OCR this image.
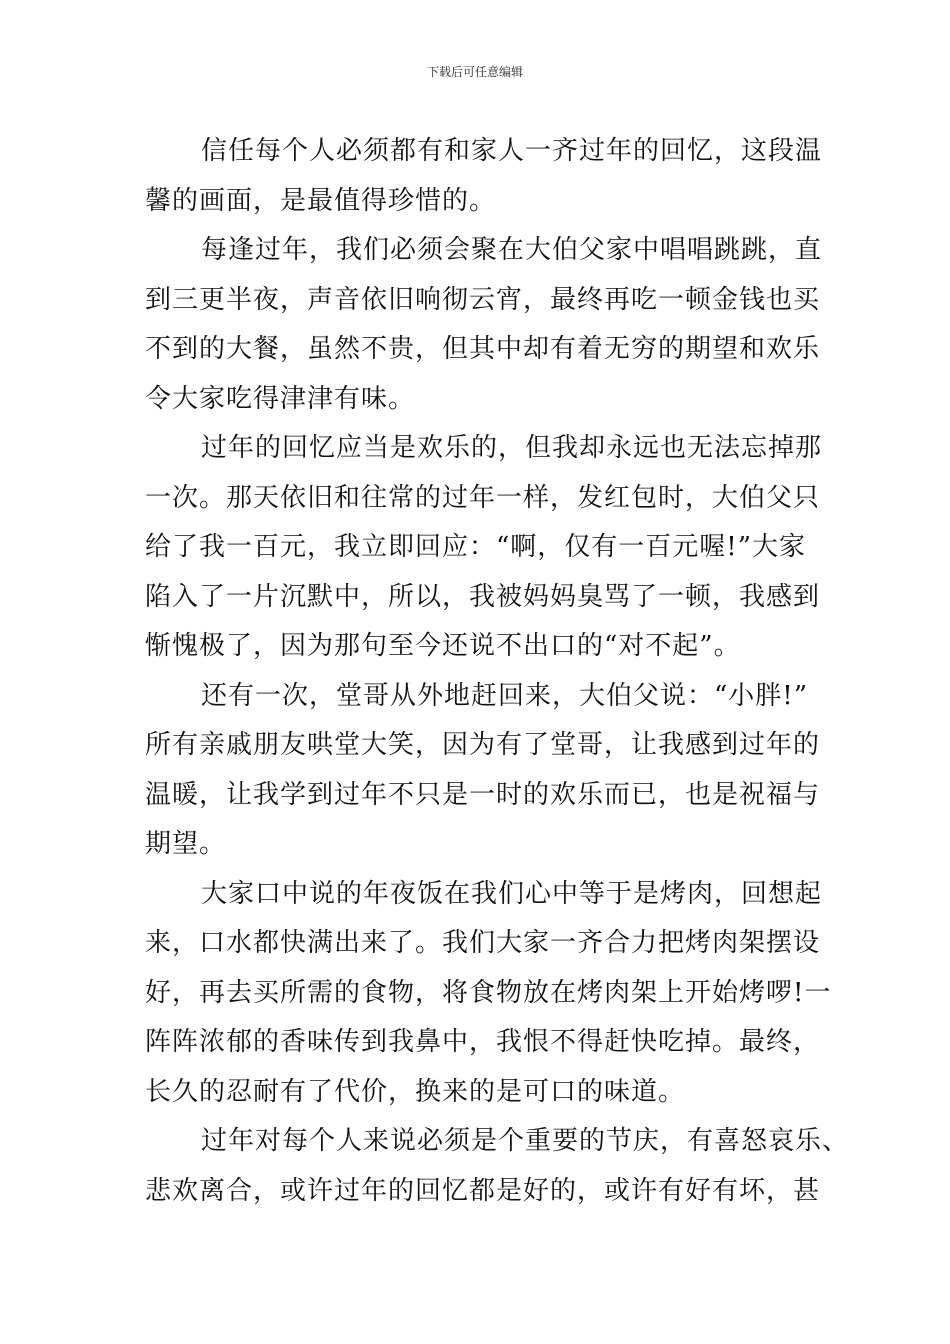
下载后可任意编辑
信任每个人必须都有和家人一齐过年的回忆，这段温
馨的画面，是最值得珍惜的。
每逢过年，我们必须会聚在大伯父家中唱唱跳跳，直
到三更半夜，声音依旧响彻云宵，最终再吃一顿金钱也买
不到的大餐，虽然不贵，但其中却有着无穷的期望和欢乐
令大家吃得津津有味。
过年的回忆应当是欢乐的，但我却永远也无法忘掉那
一次。那天依旧和往常的过年一样，发红包时，大伯父只
给了我一百元，我立即回应：“啊，仅有一百元喔!”大家
陷入了一片沉默中，所以，我被妈妈臭骂了一顿，我感到
惭愧极了，因为那句至今还说不出口的“对不起”。
还有一次，堂哥从外地赶回来，大伯父说：“小胖!”
所有亲戚朋友哄堂大笑，因为有了堂哥，让我感到过年的
温暖，让我学到过年不只是一时的欢乐而已，也是祝福与
期望。
大家口中说的年夜饭在我们心中等于是烤肉，回想起
来，口水都快满出来了。我们大家一齐合力把烤肉架摆设
好，再去买所需的食物，将食物放在烤肉架上开始烤啰!一
阵阵浓郁的香味传到我鼻中，我恨不得赶快吃掉。最终，
长久的忍耐有了代价，换来的是可口的味道。
过年对每个人来说必须是个重要的节庆，有喜怒哀乐、
悲欢离合，或许过年的回忆都是好的，或许有好有坏，甚
